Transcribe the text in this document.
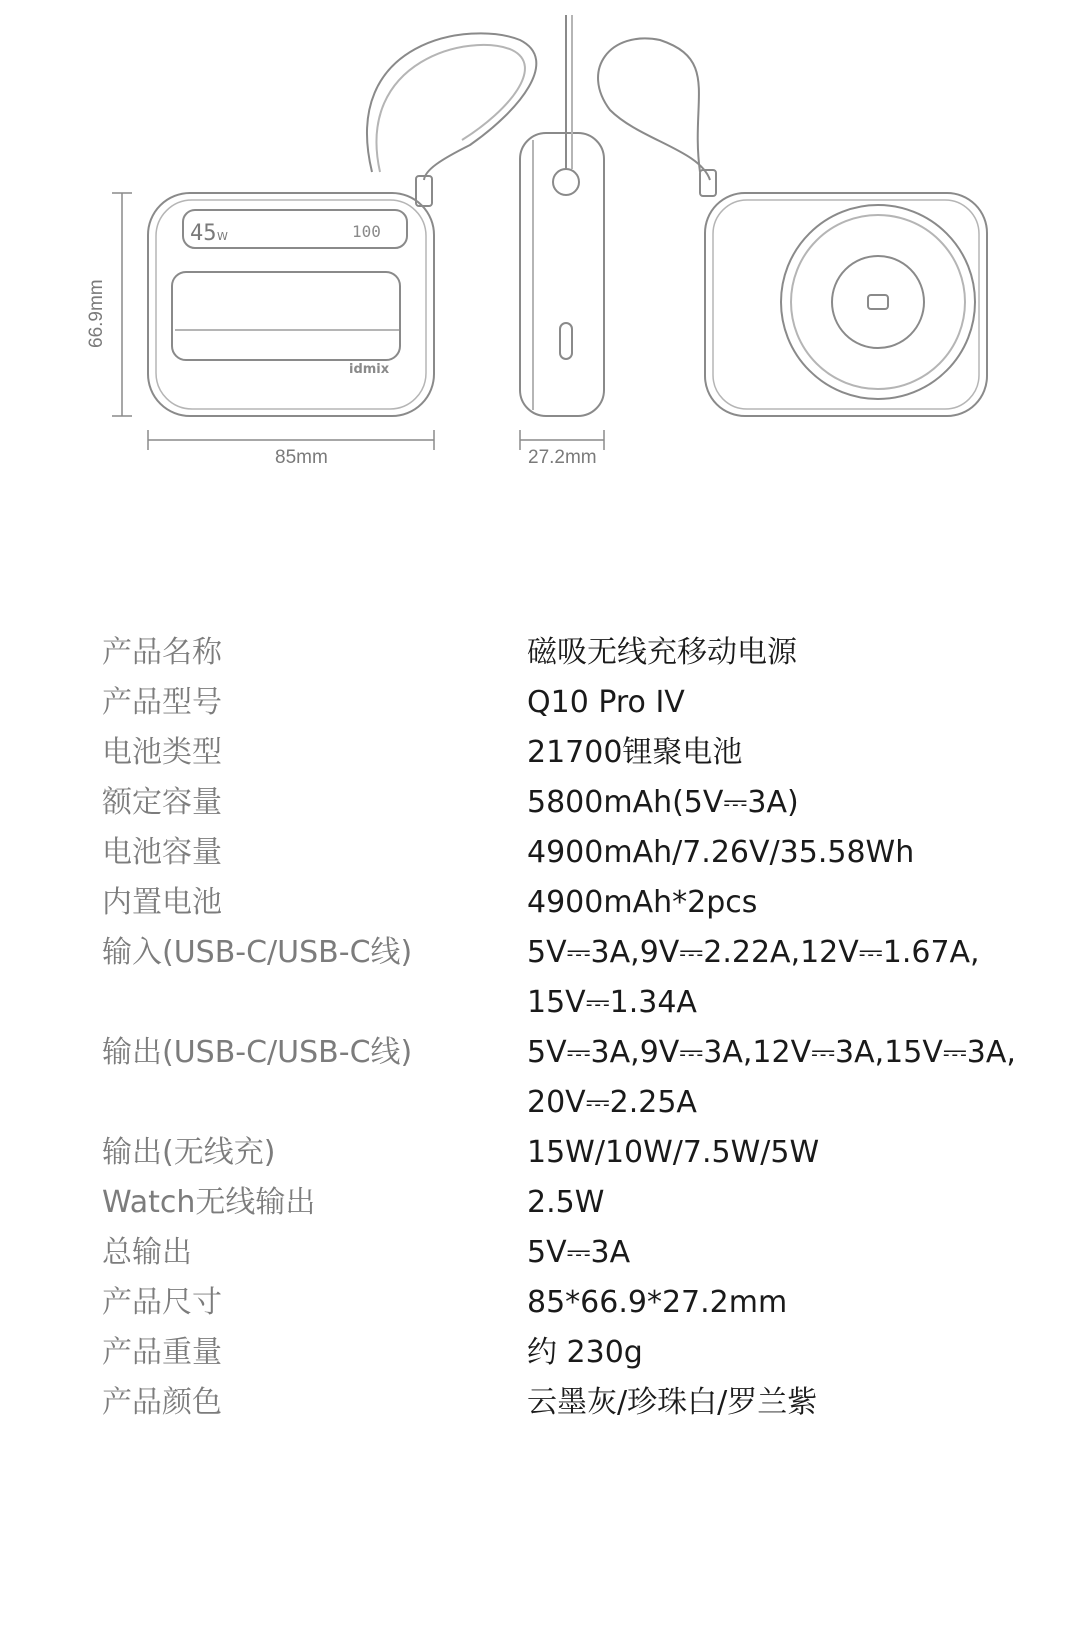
45 W	100
idmix
66.9mm
85mm	27.2mm
产品名称	磁吸无线充移动电源
产品型号	Q10 Pro IV
电池类型	21700锂聚电池
额定容量	5800mAh(5V⎓3A)
电池容量	4900mAh/7.26V/35.58Wh
内置电池	4900mAh*2pcs
输入(USB-C/USB-C线)	5V⎓3A,9V⎓2.22A,12V⎓1.67A,
15V⎓1.34A
输出(USB-C/USB-C线)	5V⎓3A,9V⎓3A,12V⎓3A,15V⎓3A,
20V⎓2.25A
输出(无线充)	15W/10W/7.5W/5W
Watch无线输出	2.5W
总输出	5V⎓3A
产品尺寸	85*66.9*27.2mm
产品重量	约 230g
产品颜色	云墨灰/珍珠白/罗兰紫
